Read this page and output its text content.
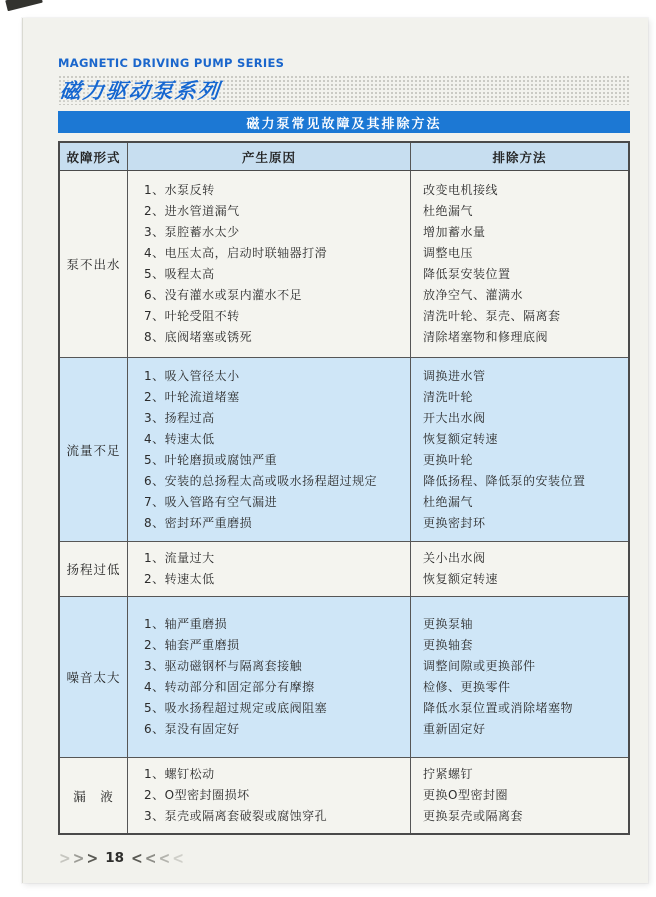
MAGNETIC DRIVING PUMP SERIES
磁力驱动泵系列
磁力泵常见故障及其排除方法
故障形式	产生原因	排除方法
泵不出水
1、水泵反转
2、进水管道漏气
3、泵腔蓄水太少
4、电压太高，启动时联轴器打滑
5、吸程太高
6、没有灌水或泵内灌水不足
7、叶轮受阻不转
8、底阀堵塞或锈死
改变电机接线
杜绝漏气
增加蓄水量
调整电压
降低泵安装位置
放净空气、灌满水
清洗叶轮、泵壳、隔离套
清除堵塞物和修理底阀
流量不足
1、吸入管径太小
2、叶轮流道堵塞
3、扬程过高
4、转速太低
5、叶轮磨损或腐蚀严重
6、安装的总扬程太高或吸水扬程超过规定
7、吸入管路有空气漏进
8、密封环严重磨损
调换进水管
清洗叶轮
开大出水阀
恢复额定转速
更换叶轮
降低扬程、降低泵的安装位置
杜绝漏气
更换密封环
扬程过低
1、流量过大
2、转速太低
关小出水阀
恢复额定转速
噪音太大
1、轴严重磨损
2、轴套严重磨损
3、驱动磁钢杯与隔离套接触
4、转动部分和固定部分有摩擦
5、吸水扬程超过规定或底阀阻塞
6、泵没有固定好
更换泵轴
更换轴套
调整间隙或更换部件
检修、更换零件
降低水泵位置或消除堵塞物
重新固定好
漏　液
1、螺钉松动
2、O型密封圈损坏
3、泵壳或隔离套破裂或腐蚀穿孔
拧紧螺钉
更换O型密封圈
更换泵壳或隔离套
> > > 18 < < < <
